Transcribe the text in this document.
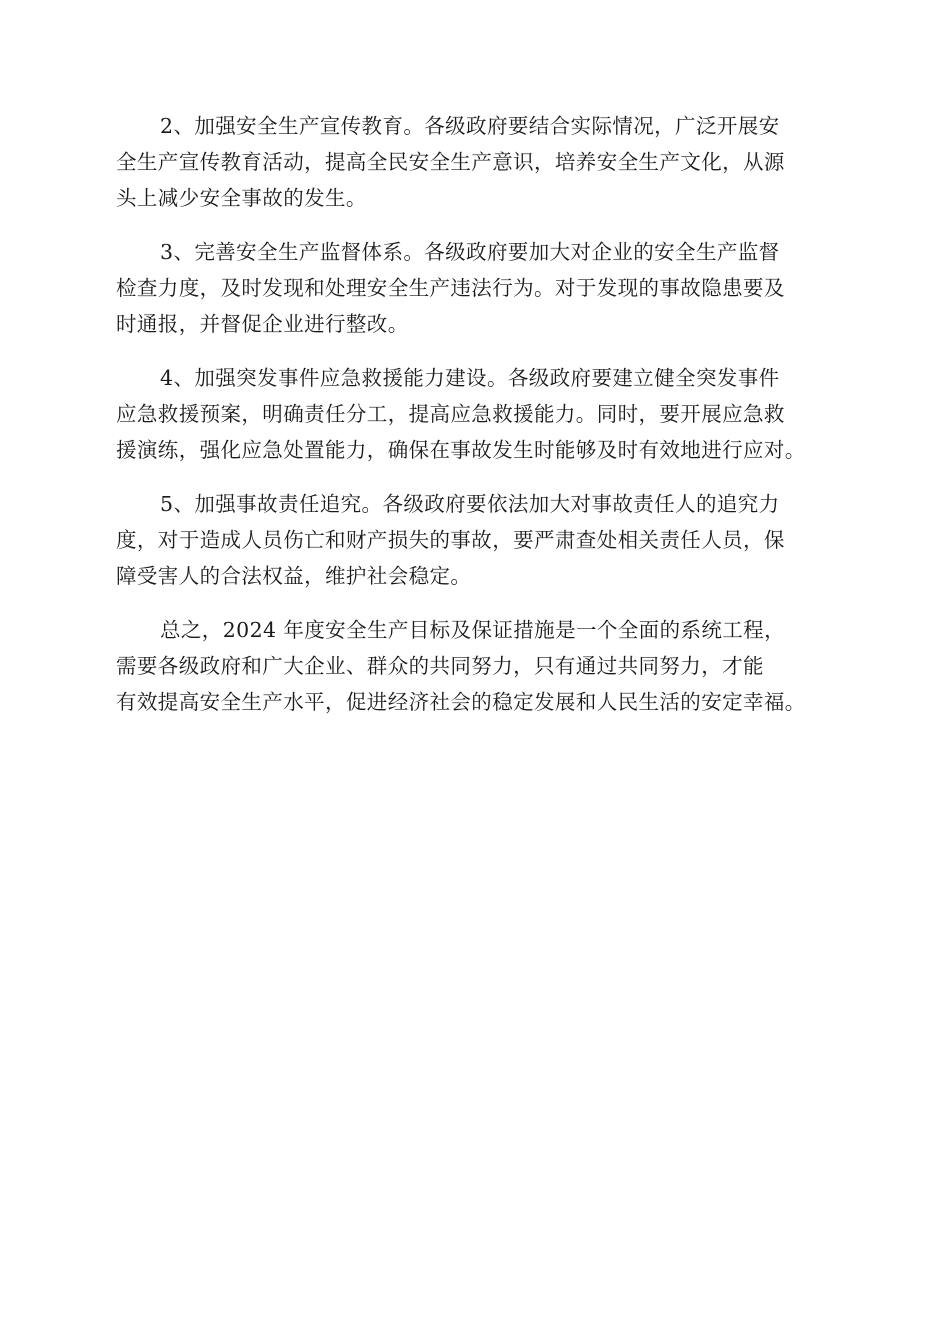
2、加强安全生产宣传教育。各级政府要结合实际情况，广泛开展安
全生产宣传教育活动，提高全民安全生产意识，培养安全生产文化，从源
头上减少安全事故的发生。

3、完善安全生产监督体系。各级政府要加大对企业的安全生产监督
检查力度，及时发现和处理安全生产违法行为。对于发现的事故隐患要及
时通报，并督促企业进行整改。

4、加强突发事件应急救援能力建设。各级政府要建立健全突发事件
应急救援预案，明确责任分工，提高应急救援能力。同时，要开展应急救
援演练，强化应急处置能力，确保在事故发生时能够及时有效地进行应对。

5、加强事故责任追究。各级政府要依法加大对事故责任人的追究力
度，对于造成人员伤亡和财产损失的事故，要严肃查处相关责任人员，保
障受害人的合法权益，维护社会稳定。

总之，2024 年度安全生产目标及保证措施是一个全面的系统工程，
需要各级政府和广大企业、群众的共同努力，只有通过共同努力，才能
有效提高安全生产水平，促进经济社会的稳定发展和人民生活的安定幸福。
